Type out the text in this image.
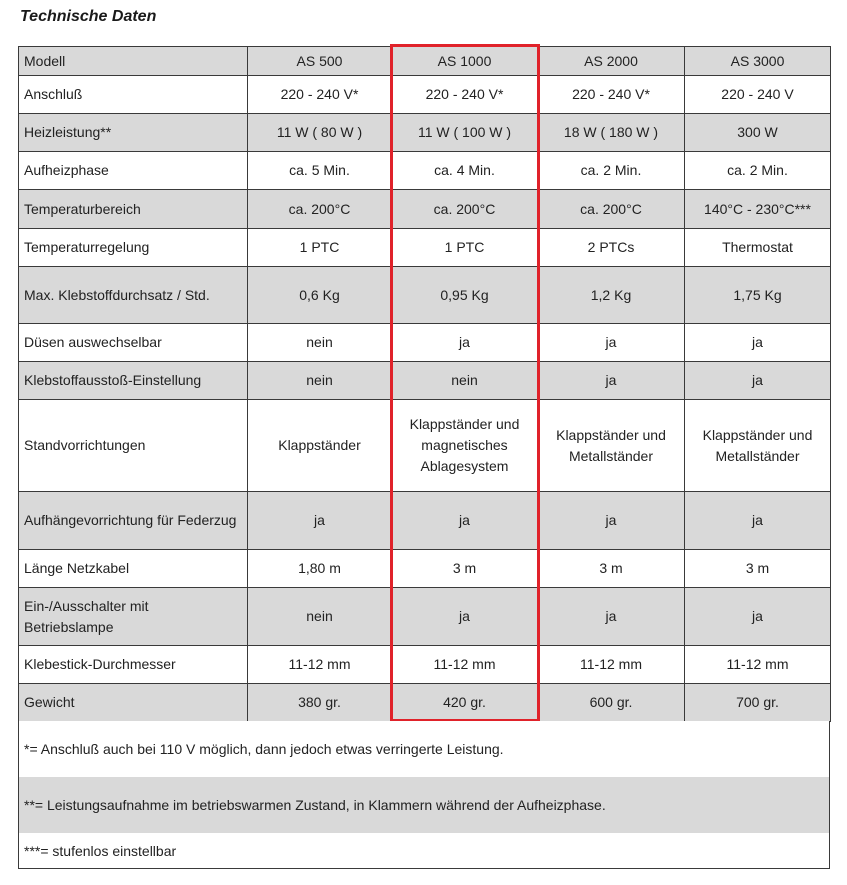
Technische Daten
Modell	AS 500	AS 1000	AS 2000	AS 3000
Anschluß	220 - 240 V*	220 - 240 V*	220 - 240 V*	220 - 240 V
Heizleistung**	11 W ( 80 W )	11 W ( 100 W )	18 W ( 180 W )	300 W
Aufheizphase	ca. 5 Min.	ca. 4 Min.	ca. 2 Min.	ca. 2 Min.
Temperaturbereich	ca. 200°C	ca. 200°C	ca. 200°C	140°C - 230°C***
Temperaturregelung	1 PTC	1 PTC	2 PTCs	Thermostat
Max. Klebstoffdurchsatz / Std.	0,6 Kg	0,95 Kg	1,2 Kg	1,75 Kg
Düsen auswechselbar	nein	ja	ja	ja
Klebstoffausstoß-Einstellung	nein	nein	ja	ja
Standvorrichtungen	Klappständer	Klappständer und magnetisches Ablagesystem	Klappständer und Metallständer	Klappständer und Metallständer
Aufhängevorrichtung für Federzug	ja	ja	ja	ja
Länge Netzkabel	1,80 m	3 m	3 m	3 m
Ein-/Ausschalter mit Betriebslampe	nein	ja	ja	ja
Klebestick-Durchmesser	11-12 mm	11-12 mm	11-12 mm	11-12 mm
Gewicht	380 gr.	420 gr.	600 gr.	700 gr.
*= Anschluß auch bei 110 V möglich, dann jedoch etwas verringerte Leistung.
**= Leistungsaufnahme im betriebswarmen Zustand, in Klammern während der Aufheizphase.
***= stufenlos einstellbar
